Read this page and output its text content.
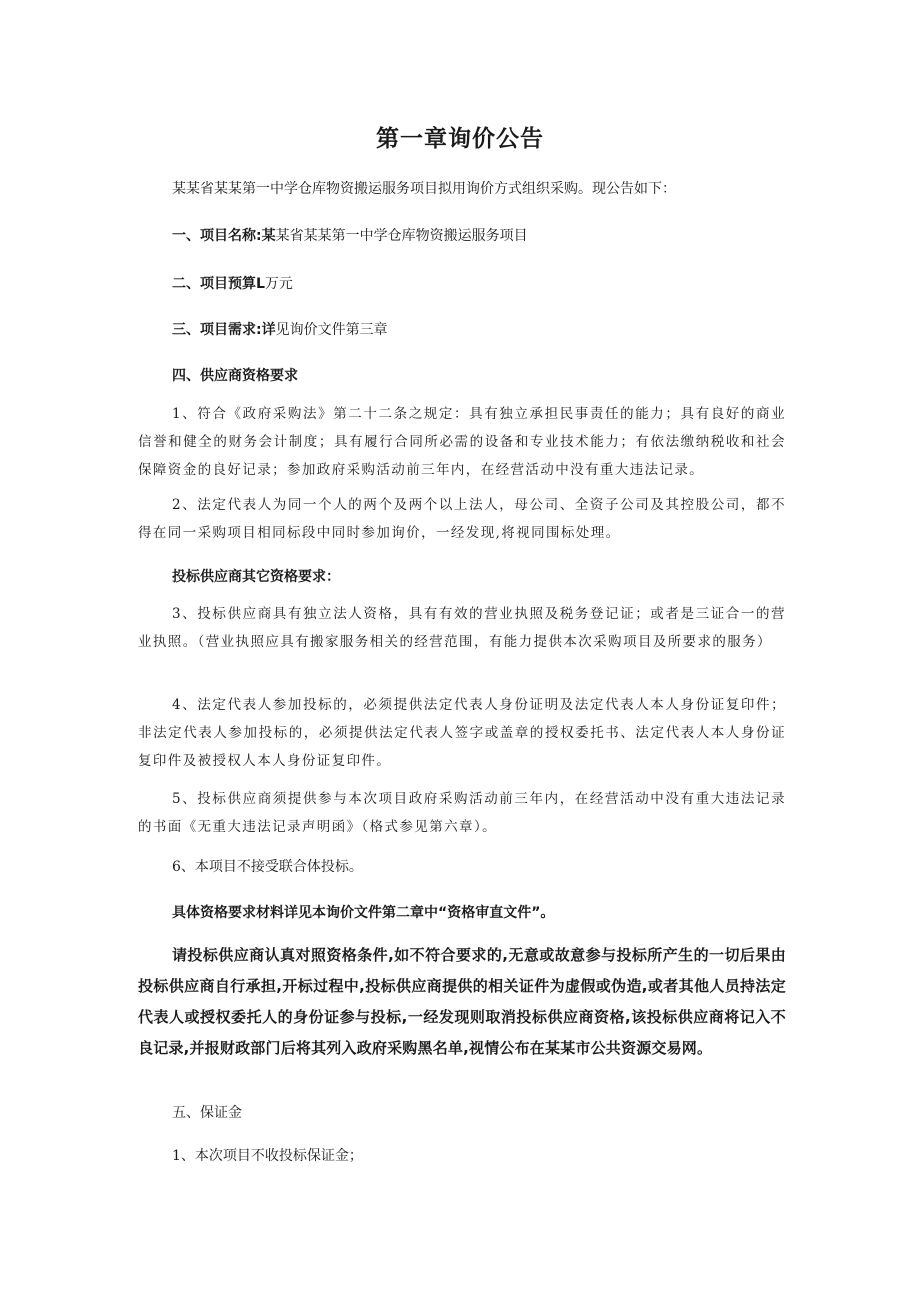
第一章询价公告
某某省某某第一中学仓库物资搬运服务项目拟用询价方式组织采购。现公告如下：
一、项目名称:某某省某某第一中学仓库物资搬运服务项目
二、项目预算L万元
三、项目需求:详见询价文件第三章
四、供应商资格要求
1、符合《政府采购法》第二十二条之规定：具有独立承担民事责任的能力；具有良好的商业信誉和健全的财务会计制度；具有履行合同所必需的设备和专业技术能力；有依法缴纳税收和社会保障资金的良好记录；参加政府采购活动前三年内，在经营活动中没有重大违法记录。
2、法定代表人为同一个人的两个及两个以上法人，母公司、全资子公司及其控股公司，都不得在同一采购项目相同标段中同时参加询价，一经发现,将视同围标处理。
投标供应商其它资格要求：
3、投标供应商具有独立法人资格，具有有效的营业执照及税务登记证；或者是三证合一的营业执照。（营业执照应具有搬家服务相关的经营范围，有能力提供本次采购项目及所要求的服务）
4、法定代表人参加投标的，必须提供法定代表人身份证明及法定代表人本人身份证复印件；非法定代表人参加投标的，必须提供法定代表人签字或盖章的授权委托书、法定代表人本人身份证复印件及被授权人本人身份证复印件。
5、投标供应商须提供参与本次项目政府采购活动前三年内，在经营活动中没有重大违法记录的书面《无重大违法记录声明函》（格式参见第六章）。
6、本项目不接受联合体投标。
具体资格要求材料详见本询价文件第二章中“资格审直文件”。
请投标供应商认真对照资格条件,如不符合要求的,无意或故意参与投标所产生的一切后果由投标供应商自行承担,开标过程中,投标供应商提供的相关证件为虚假或伪造,或者其他人员持法定代表人或授权委托人的身份证参与投标,一经发现则取消投标供应商资格,该投标供应商将记入不良记录,并报财政部门后将其列入政府采购黑名单,视情公布在某某市公共资源交易网。
五、保证金
1、本次项目不收投标保证金；
